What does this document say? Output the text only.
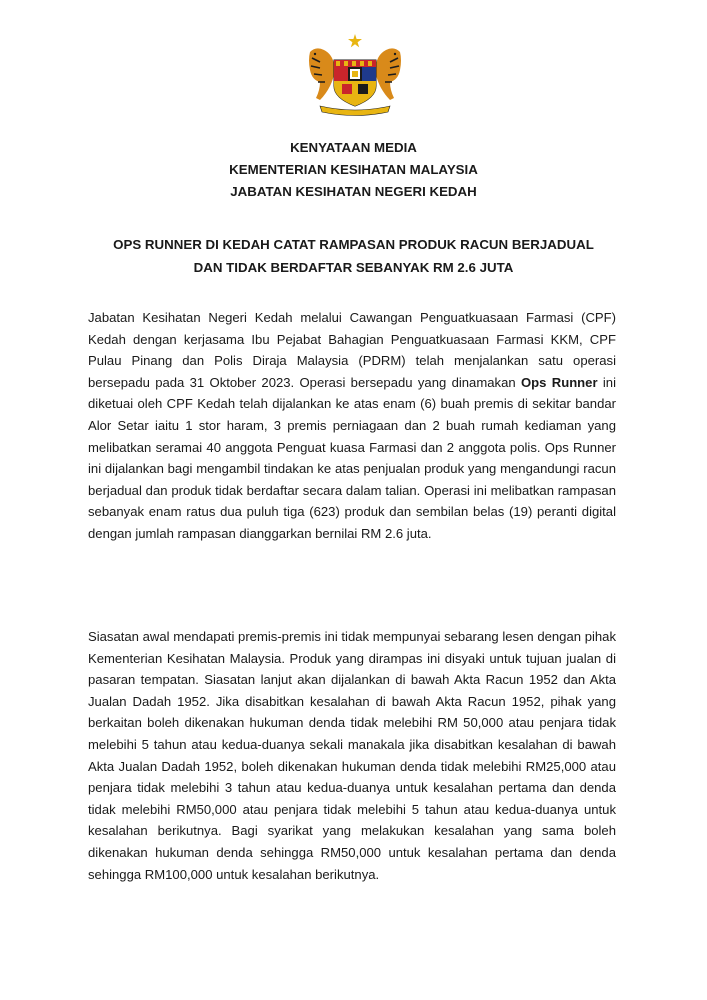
KENYATAAN MEDIA
KEMENTERIAN KESIHATAN MALAYSIA
JABATAN KESIHATAN NEGERI KEDAH
OPS RUNNER DI KEDAH CATAT RAMPASAN PRODUK RACUN BERJADUAL
DAN TIDAK BERDAFTAR SEBANYAK RM 2.6 JUTA

Jabatan Kesihatan Negeri Kedah melalui Cawangan Penguatkuasaan Farmasi (CPF) Kedah dengan kerjasama Ibu Pejabat Bahagian Penguatkuasaan Farmasi KKM, CPF Pulau Pinang dan Polis Diraja Malaysia (PDRM) telah menjalankan satu operasi bersepadu pada 31 Oktober 2023. Operasi bersepadu yang dinamakan Ops Runner ini diketuai oleh CPF Kedah telah dijalankan ke atas enam (6) buah premis di sekitar bandar Alor Setar iaitu 1 stor haram, 3 premis perniagaan dan 2 buah rumah kediaman yang melibatkan seramai 40 anggota Penguat kuasa Farmasi dan 2 anggota polis. Ops Runner ini dijalankan bagi mengambil tindakan ke atas penjualan produk yang mengandungi racun berjadual dan produk tidak berdaftar secara dalam talian. Operasi ini melibatkan rampasan sebanyak enam ratus dua puluh tiga (623) produk dan sembilan belas (19) peranti digital dengan jumlah rampasan dianggarkan bernilai RM 2.6 juta.

Siasatan awal mendapati premis-premis ini tidak mempunyai sebarang lesen dengan pihak Kementerian Kesihatan Malaysia. Produk yang dirampas ini disyaki untuk tujuan jualan di pasaran tempatan. Siasatan lanjut akan dijalankan di bawah Akta Racun 1952 dan Akta Jualan Dadah 1952. Jika disabitkan kesalahan di bawah Akta Racun 1952, pihak yang berkaitan boleh dikenakan hukuman denda tidak melebihi RM 50,000 atau penjara tidak melebihi 5 tahun atau kedua-duanya sekali manakala jika disabitkan kesalahan di bawah Akta Jualan Dadah 1952, boleh dikenakan hukuman denda tidak melebihi RM25,000 atau penjara tidak melebihi 3 tahun atau kedua-duanya untuk kesalahan pertama dan denda tidak melebihi RM50,000 atau penjara tidak melebihi 5 tahun atau kedua-duanya untuk kesalahan berikutnya. Bagi syarikat yang melakukan kesalahan yang sama boleh dikenakan hukuman denda sehingga RM50,000 untuk kesalahan pertama dan denda sehingga RM100,000 untuk kesalahan berikutnya.
